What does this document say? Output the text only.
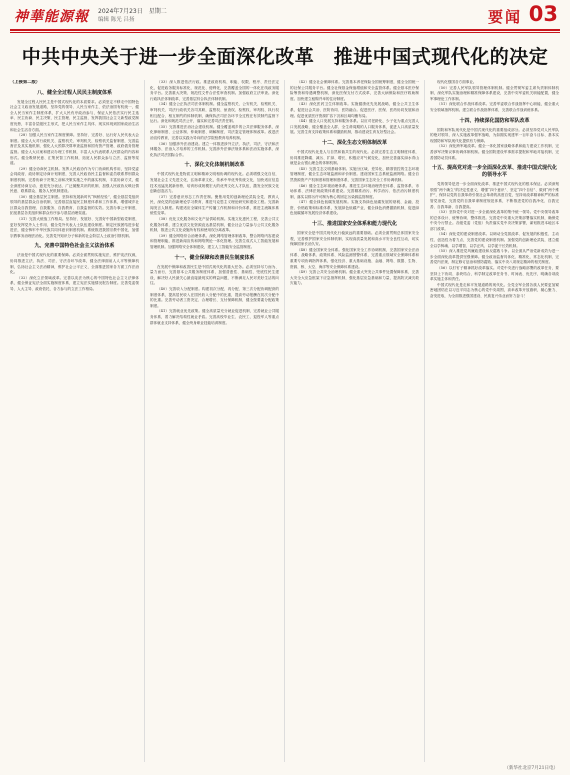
神華能源報 2024年7月23日　星期二
编辑 陈光 吕扬	要闻 03
中共中央关于进一步全面深化改革　推进中国式现代化的决定

（上接第二版）

八、健全全过程人民民主制度体系

发展全过程人民民主是中国式现代化的本质要求。必须坚定不移走中国特色社会主义政治发展道路，坚持党的领导、人民当家作主、依法治国有机统一，健全人民当家作主制度体系，扩大人民有序政治参与，保证人民依法实行民主选举、民主协商、民主决策、民主管理、民主监督，发挥我国社会主义新型政党制度优势，丰富各层级民主形式，把人民当家作主具体、现实体现到国家政治生活和社会生活各方面。

（28）加强人民当家作主制度保障。坚持好、完善好、运行好人民代表大会制度。健全人大对行政机关、监察机关、审判机关、检察机关监督制度，完善监督法及其实施机制，强化人大预算决算审查监督和国有资产管理、政府债务管理监督。健全人大议案和建议办理工作机制，丰富人大代表联系人民群众的内容和形式。健全吸纳民意、汇集民智工作机制，拓宽人民群众参与立法、监督等渠道。

（29）健全协商民主机制。发挥人民政协作为专门协商机构作用，坚持党委会同政府、政协制定协商计划制度，完善人民政协民主监督和委员联系界别群众制度机制。完善协商于决策之前和决策实施之中的落实机制，丰富协商方式，健全深度协商互动、意见充分表达、广泛凝聚共识的机制，加强人民政协反映社情民意、联系群众、服务人民机制建设。

（30）健全基层民主制度。坚持和发展新时代“枫桥经验”，健全基层党组织领导的基层群众自治机制，完善基层直接民主制度体系和工作体系，增强城乡社区群众自我管理、自我服务、自我教育、自我监督的实效。完善办事公开制度，拓宽基层各类组织和群众有序参与基层治理渠道。

（31）完善大统战工作格局。坚持好、发展好、完善好中国新型政党制度，更好发挥党外人士作用，健全党外代表人士队伍建设制度。制定民族团结进步促进法，健全铸牢中华民族共同体意识制度机制。系统推进我国宗教中国化，加强宗教事务治理法治化。完善党外知识分子和新的社会阶层人士政治引领机制。

九、完善中国特色社会主义法治体系

法治是中国式现代化的重要保障。必须全面贯彻实施宪法，维护宪法权威，协同推进立法、执法、司法、守法各环节改革，健全法律面前人人平等保障机制，弘扬社会主义法治精神，维护社会公平正义，全面推进国家各方面工作法治化。

（32）深化立法领域改革。完善以宪法为核心的中国特色社会主义法律体系，健全保证宪法全面实施制度体系，建立宪法实施情况报告制度。完善党委领导、人大主导、政府依托、各方参与的立法工作格局。

（33）深入推进依法行政。推进政府机构、职能、权限、程序、责任法定化，促进政务服务标准化、规范化、便利化，完善覆盖全国的一体化在线政务服务平台。完善重大决策、规范性文件合法性审查机制。加强政府立法审查。深化行政执法体制改革，完善基层综合执法体制机制。

（34）健全公正执法司法体制机制。健全监察机关、公安机关、检察机关、审判机关、司法行政机关各司其职，监察权、侦查权、检察权、审判权、执行权相互配合、相互制约的体制机制，确保执法司法各环节全过程在有效制约监督下运行。深化和规范司法公开，落实和完善司法责任制。

（35）完善推进法治社会建设机制。健全覆盖城乡的公共法律服务体系，深化律师制度、公证体制、仲裁制度、调解制度、司法鉴定管理体制改革。改进法治宣传教育，完善以实践为导向的法学院校教育培养机制。

（36）加强涉外法治建设。建立一体推进涉外立法、执法、司法、守法和法律服务、法治人才培养的工作机制。完善涉外法律法规体系和法治实施体系，深化执法司法国际合作。

十、深化文化体制机制改革

中国式现代化是物质文明和精神文明相协调的现代化。必须增强文化自信，发展社会主义先进文化，弘扬革命文化，传承中华优秀传统文化，加快适应信息技术迅猛发展新形势，培育形成规模宏大的优秀文化人才队伍，激发全民族文化创新创造活力。

（37）完善意识形态工作责任制。聚焦用党的创新理论武装全党、教育人民，深化党的创新理论学习教育，推进马克思主义理论研究和建设工程。完善新闻发言人制度。构建适应全媒体生产传播工作机制和评价体系，推进主流媒体系统性变革。

（38）优化文化服务和文化产品供给机制。实施文化惠民工程，完善公共文化服务体系，建立优质文化资源直达基层机制，健全社会力量参与公共文化服务机制，推进公共文化设施所有权和使用权分离改革。

（39）健全网络综合治理体系。深化网络管理体制改革，整合网络内容建设和管理职能，推进新闻宣传和网络舆论一体化管理。完善生成式人工智能发展和管理机制。加强网络安全体制建设，建立人工智能安全监管制度。

十一、健全保障和改善民生制度体系

在发展中保障和改善民生是中国式现代化的重大任务。必须坚持尽力而为、量力而行，完善基本公共服务制度体系，加强普惠性、基础性、兜底性民生建设，解决好人民最关心最直接最现实的利益问题，不断满足人民对美好生活的向往。

（40）完善收入分配制度。构建初次分配、再分配、第三次分配协调配套的制度体系，提高居民收入在国民收入分配中的比重，提高劳动报酬在初次分配中的比重。完善劳动者工资决定、合理增长、支付保障机制，健全按要素分配政策制度。

（41）完善就业优先政策。健全高质量充分就业促进机制，完善就业公共服务体系，着力解决结构性就业矛盾。完善高校毕业生、农民工、退役军人等重点群体就业支持体系，健全终身职业技能培训制度。

（42）健全社会保障体系。完善基本养老保险全国统筹制度，健全全国统一的社保公共服务平台。健全社保基金保值增值和安全监管体系。健全基本医疗保险筹资和待遇调整机制，深化医保支付方式改革，完善大病保险和医疗救助制度。加快建立租购并举的住房制度。

（43）深化医药卫生体制改革。实施健康优先发展战略，健全公共卫生体系，促进社会共治、医防协同、医防融合。促进医疗、医保、医药协同发展和治理。促进优质医疗资源扩容下沉和区域均衡布局。

（44）健全人口发展支持和服务体系。以应对老龄化、少子化为重点完善人口发展战略，健全覆盖全人群、全生命周期的人口服务体系，促进人口高质量发展。完善生育支持政策体系和激励机制，推动建设生育友好型社会。

十二、深化生态文明体制改革

中国式现代化是人与自然和谐共生的现代化。必须完善生态文明制度体系，协同推进降碳、减污、扩绿、增长，积极应对气候变化，加快完善落实绿水青山就是金山银山理念的体制机制。

（45）完善生态文明基础体制。实施分区域、差异化、精准管控的生态环境管理制度，健全生态环境监测和评价制度。建设国家生态系统监测网络。健全自然资源资产产权制度和管理制度体系，完善国家生态安全工作协调机制。

（46）健全生态环境治理体系。推进生态环境治理责任体系、监管体系、市场体系、法律法规政策体系建设。完善精准治污、科学治污、依法治污制度机制，落实以排污许可制为核心的固定污染源监管制度。

（47）健全绿色低碳发展机制。实施支持绿色低碳发展的财税、金融、投资、价格政策和标准体系，发展绿色低碳产业，健全绿色消费激励机制，促进绿色低碳循环发展经济体系建设。

十三、推进国家安全体系和能力现代化

国家安全是中国式现代化行稳致远的重要基础。必须全面贯彻总体国家安全观，完善维护国家安全体制机制，实现高质量发展和高水平安全良性互动，切实保障国家长治久安。

（48）健全国家安全体系。强化国家安全工作协调机制，完善国家安全法治体系、战略体系、政策体系、风险监测预警体系，完善重点领域安全保障体系和重要专项协调指挥体系，强化经济、重大基础设施、金融、网络、数据、生物、资源、核、太空、海洋等安全保障体系建设。

（49）完善公共安全治理机制。健全重大突发公共事件处置保障体系，完善大安全大应急框架下应急指挥机制，强化基层应急基础和力量，提高防灾减灾救灾能力。

现代化强国各方面事业。

（50）完善人民军队领导管理体制机制。健全贯彻军委主席负责制体制机制，深化军队实施治理和精准保障体系建设，完善中央军委机关职能配置，健全军事理论工作体制。

（51）深化联合作战体系改革。完善军委联合作战指挥中心职能，健全重大安全领域指挥机制。建立联合作战指挥体系，完善联合作战训练体系。

十四、持续深化国防和军队改革

国防和军队现代化是中国式现代化的重要组成部分。必须坚持党对人民军队的绝对领导，深入实施改革强军战略，为如期实现建军一百年奋斗目标、基本实现国防和军队现代化提供有力保障。

（52）深化跨军地改革。健全一体化国家战略体系和能力建设工作机制，完善涉军决策议事协调体制机制。健全国防建设军事需求提报和军地对接机制，完善国防动员体系。

十五、提高党对进一步全面深化改革、推进中国式现代化的领导水平

党的领导是进一步全面深化改革、推进中国式现代化的根本保证。必须深刻领悟“两个确立”的决定性意义，增强“四个意识”、坚定“四个自信”、做到“两个维护”，保持以党的自我革命引领社会革命的高度自觉，坚持用改革精神和严的标准管党治党，完善党的自我革命制度规范体系，不断推进党的自我净化、自我完善、自我革新、自我提高。

（53）坚持党中央对进一步全面深化改革的集中统一领导。党中央领导改革的总体设计、统筹协调、整体推进。完善党中央重大决策部署落实机制，确保党中央令行禁止。各级党委（党组）负责落实党中央决策部署，谋划推进本地区本部门改革。

（54）深化党的建设制度改革。以调动全党抓改革、促发展的积极性、主动性、创造性为着力点，完善党的建设制度机制。加强党的创新理论武装，建立健全以学铸魂、以学增智、以学正风、以学促干长效机制。

（55）深入推进党风廉政建设和反腐败斗争。以全面从严治党新成效为进一步全面深化改革提供坚强保障。健全政治监督具体化、精准化、常态化机制，完善党内法规，制定修订惩治和预防腐败、落实中央八项规定精神的相关制度。

（56）以钉钉子精神抓好改革落实。对党中央进行战略部署的改革任务，要坚持上下协同、条块结合，科学制定改革任务书、时间表、优先序，明确各项改革实施主体和责任。

中国式现代化是走和平发展道路的现代化。全党全军全国各族人民要更加紧密地团结在以习近平同志为核心的党中央周围，高举改革开放旗帜，凝心聚力、奋发进取，为全面推进强国建设、民族复兴伟业而努力奋斗！

（新华社北京7月21日电）
